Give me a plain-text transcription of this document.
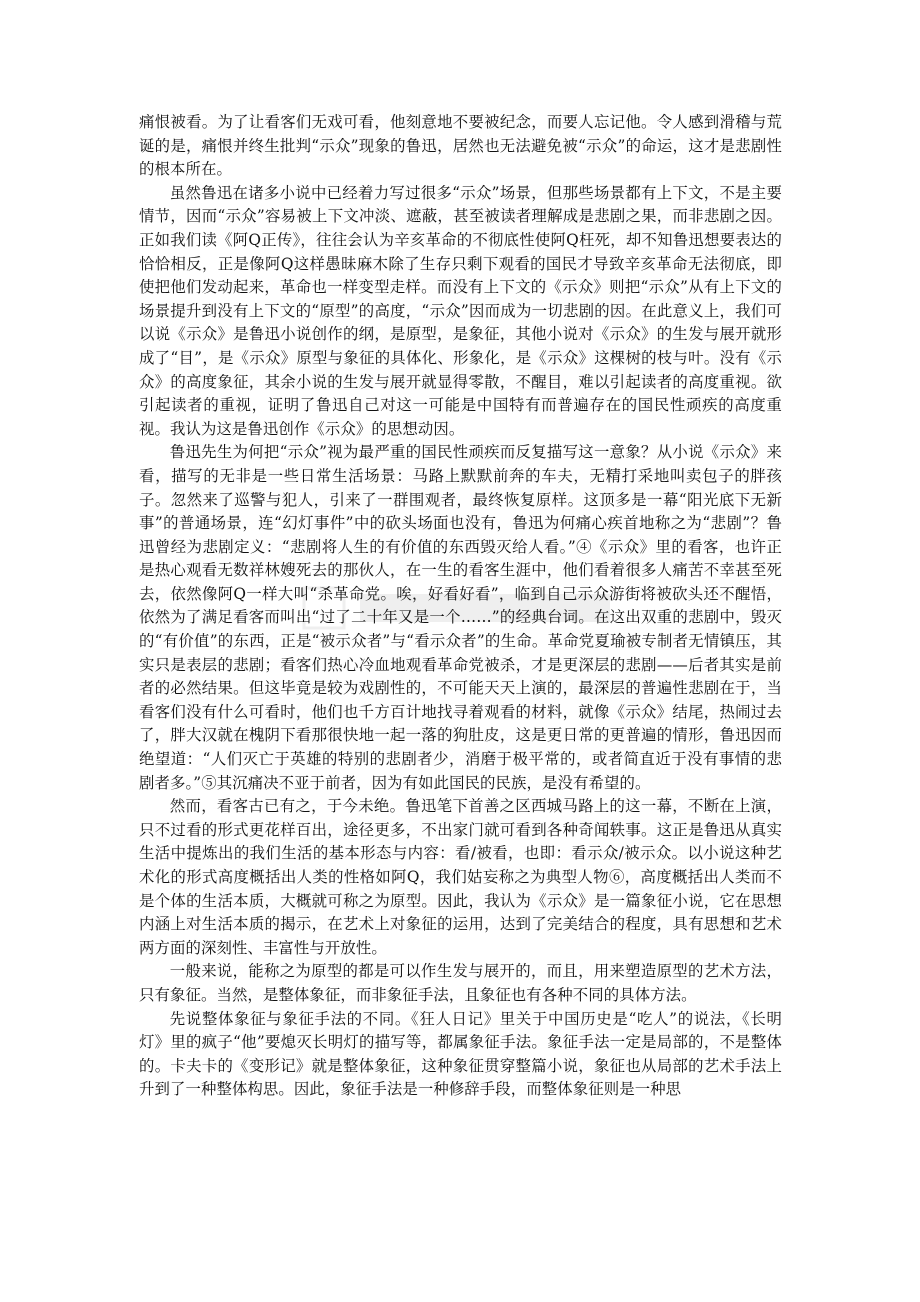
痛恨被看。为了让看客们无戏可看，他刻意地不要被纪念，而要人忘记他。令人感到滑稽与荒诞的是，痛恨并终生批判“示众”现象的鲁迅，居然也无法避免被“示众”的命运，这才是悲剧性的根本所在。

虽然鲁迅在诸多小说中已经着力写过很多“示众”场景，但那些场景都有上下文，不是主要情节，因而“示众”容易被上下文冲淡、遮蔽，甚至被读者理解成是悲剧之果，而非悲剧之因。正如我们读《阿Q正传》，往往会认为辛亥革命的不彻底性使阿Q枉死，却不知鲁迅想要表达的恰恰相反，正是像阿Q这样愚昧麻木除了生存只剩下观看的国民才导致辛亥革命无法彻底，即使把他们发动起来，革命也一样变型走样。而没有上下文的《示众》则把“示众”从有上下文的场景提升到没有上下文的“原型”的高度，“示众”因而成为一切悲剧的因。在此意义上，我们可以说《示众》是鲁迅小说创作的纲，是原型，是象征，其他小说对《示众》的生发与展开就形成了“目”，是《示众》原型与象征的具体化、形象化，是《示众》这棵树的枝与叶。没有《示众》的高度象征，其余小说的生发与展开就显得零散，不醒目，难以引起读者的高度重视。欲引起读者的重视，证明了鲁迅自己对这一可能是中国特有而普遍存在的国民性顽疾的高度重视。我认为这是鲁迅创作《示众》的思想动因。

鲁迅先生为何把“示众”视为最严重的国民性顽疾而反复描写这一意象？从小说《示众》来看，描写的无非是一些日常生活场景：马路上默默前奔的车夫，无精打采地叫卖包子的胖孩子。忽然来了巡警与犯人，引来了一群围观者，最终恢复原样。这顶多是一幕“阳光底下无新事”的普通场景，连“幻灯事件”中的砍头场面也没有，鲁迅为何痛心疾首地称之为“悲剧”？鲁迅曾经为悲剧定义：“悲剧将人生的有价值的东西毁灭给人看。”④《示众》里的看客，也许正是热心观看无数祥林嫂死去的那伙人，在一生的看客生涯中，他们看着很多人痛苦不幸甚至死去，依然像阿Q一样大叫“杀革命党。唉，好看好看”，临到自己示众游街将被砍头还不醒悟，依然为了满足看客而叫出“过了二十年又是一个……”的经典台词。在这出双重的悲剧中，毁灭的“有价值”的东西，正是“被示众者”与“看示众者”的生命。革命党夏瑜被专制者无情镇压，其实只是表层的悲剧；看客们热心冷血地观看革命党被杀，才是更深层的悲剧——后者其实是前者的必然结果。但这毕竟是较为戏剧性的，不可能天天上演的，最深层的普遍性悲剧在于，当看客们没有什么可看时，他们也千方百计地找寻着观看的材料，就像《示众》结尾，热闹过去了，胖大汉就在槐阴下看那很快地一起一落的狗肚皮，这是更日常的更普遍的情形，鲁迅因而绝望道：“人们灭亡于英雄的特别的悲剧者少，消磨于极平常的，或者简直近于没有事情的悲剧者多。”⑤其沉痛决不亚于前者，因为有如此国民的民族，是没有希望的。

然而，看客古已有之，于今未绝。鲁迅笔下首善之区西城马路上的这一幕，不断在上演，只不过看的形式更花样百出，途径更多，不出家门就可看到各种奇闻轶事。这正是鲁迅从真实生活中提炼出的我们生活的基本形态与内容：看/被看，也即：看示众/被示众。以小说这种艺术化的形式高度概括出人类的性格如阿Q，我们姑妄称之为典型人物⑥，高度概括出人类而不是个体的生活本质，大概就可称之为原型。因此，我认为《示众》是一篇象征小说，它在思想内涵上对生活本质的揭示，在艺术上对象征的运用，达到了完美结合的程度，具有思想和艺术两方面的深刻性、丰富性与开放性。

一般来说，能称之为原型的都是可以作生发与展开的，而且，用来塑造原型的艺术方法，只有象征。当然，是整体象征，而非象征手法，且象征也有各种不同的具体方法。

先说整体象征与象征手法的不同。《狂人日记》里关于中国历史是“吃人”的说法，《长明灯》里的疯子“他”要熄灭长明灯的描写等，都属象征手法。象征手法一定是局部的，不是整体的。卡夫卡的《变形记》就是整体象征，这种象征贯穿整篇小说，象征也从局部的艺术手法上升到了一种整体构思。因此，象征手法是一种修辞手段，而整体象征则是一种思
